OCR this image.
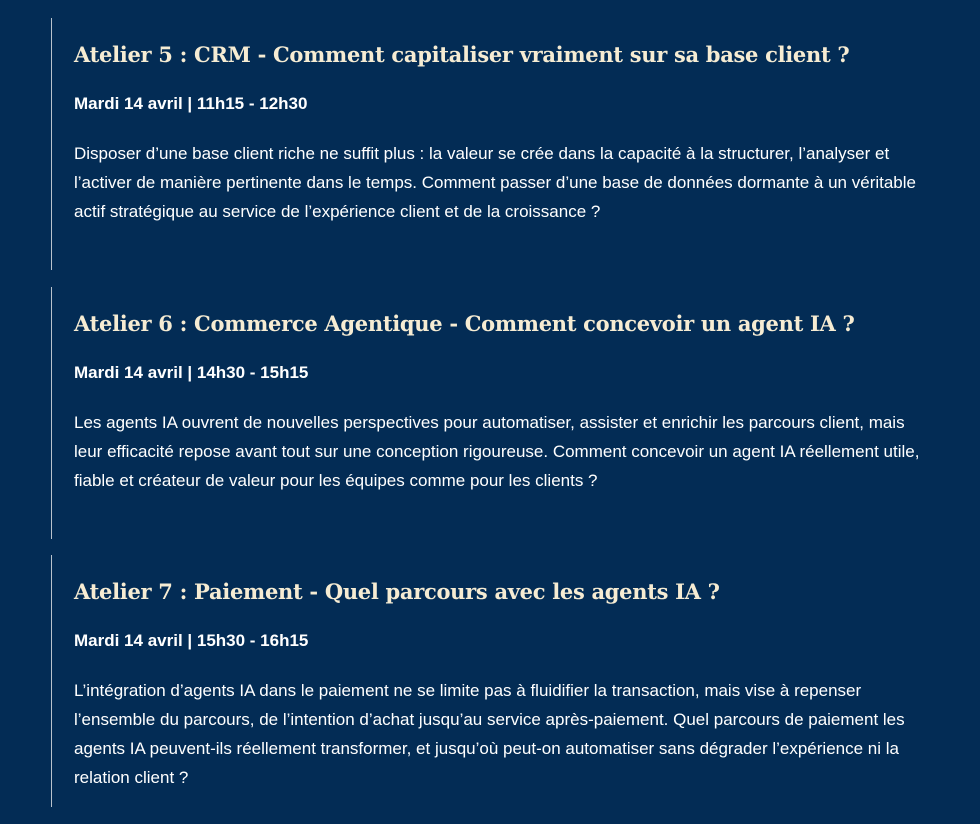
Atelier 5 : CRM - Comment capitaliser vraiment sur sa base client ?
Mardi 14 avril | 11h15 - 12h30

Disposer d’une base client riche ne suffit plus : la valeur se crée dans la capacité à la structurer, l’analyser et l’activer de manière pertinente dans le temps. Comment passer d’une base de données dormante à un véritable actif stratégique au service de l’expérience client et de la croissance ?

Atelier 6 : Commerce Agentique - Comment concevoir un agent IA ?
Mardi 14 avril | 14h30 - 15h15

Les agents IA ouvrent de nouvelles perspectives pour automatiser, assister et enrichir les parcours client, mais leur efficacité repose avant tout sur une conception rigoureuse. Comment concevoir un agent IA réellement utile, fiable et créateur de valeur pour les équipes comme pour les clients ?

Atelier 7 : Paiement - Quel parcours avec les agents IA ?
Mardi 14 avril | 15h30 - 16h15

L’intégration d’agents IA dans le paiement ne se limite pas à fluidifier la transaction, mais vise à repenser l’ensemble du parcours, de l’intention d’achat jusqu’au service après-paiement. Quel parcours de paiement les agents IA peuvent-ils réellement transformer, et jusqu’où peut-on automatiser sans dégrader l’expérience ni la relation client ?
